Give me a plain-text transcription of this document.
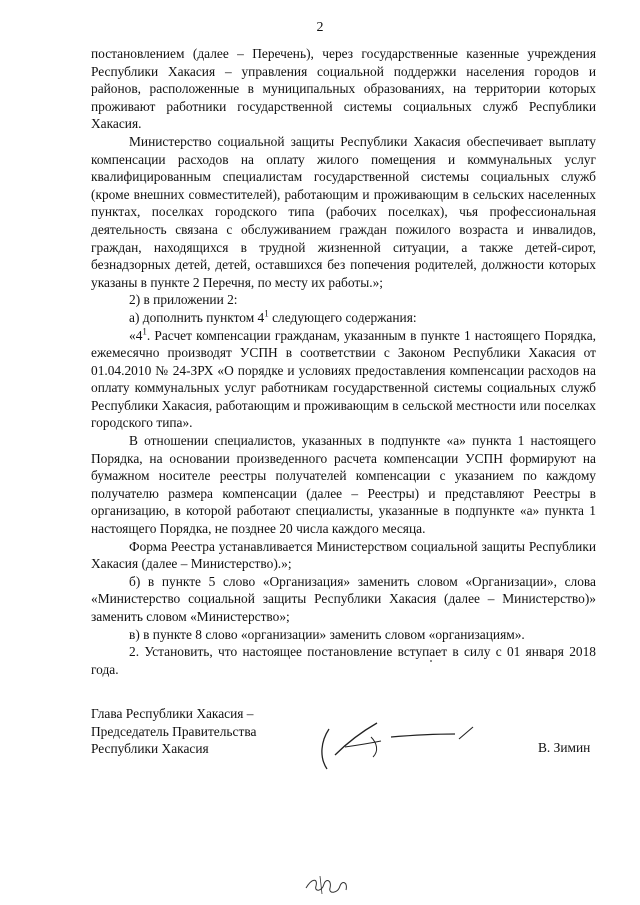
2

постановлением (далее – Перечень), через государственные казенные учреждения Республики Хакасия – управления социальной поддержки населения городов и районов, расположенные в муниципальных образованиях, на территории которых проживают работники государственной системы социальных служб Республики Хакасия.

Министерство социальной защиты Республики Хакасия обеспечивает выплату компенсации расходов на оплату жилого помещения и коммунальных услуг квалифицированным специалистам государственной системы социальных служб (кроме внешних совместителей), работающим и проживающим в сельских населенных пунктах, поселках городского типа (рабочих поселках), чья профессиональная деятельность связана с обслуживанием граждан пожилого возраста и инвалидов, граждан, находящихся в трудной жизненной ситуации, а также детей-сирот, безнадзорных детей, детей, оставшихся без попечения родителей, должности которых указаны в пункте 2 Перечня, по месту их работы.»;

2) в приложении 2:

а) дополнить пунктом $4^1$ следующего содержания:

«$4^1$. Расчет компенсации гражданам, указанным в пункте 1 настоящего Порядка, ежемесячно производят УСПН в соответствии с Законом Республики Хакасия от 01.04.2010 № 24-ЗРХ «О порядке и условиях предоставления компенсации расходов на оплату коммунальных услуг работникам государственной системы социальных служб Республики Хакасия, работающим и проживающим в сельской местности или поселках городского типа».

В отношении специалистов, указанных в подпункте «а» пункта 1 настоящего Порядка, на основании произведенного расчета компенсации УСПН формируют на бумажном носителе реестры получателей компенсации с указанием по каждому получателю размера компенсации (далее – Реестры) и представляют Реестры в организацию, в которой работают специалисты, указанные в подпункте «а» пункта 1 настоящего Порядка, не позднее 20 числа каждого месяца.

Форма Реестра устанавливается Министерством социальной защиты Республики Хакасия (далее – Министерство).»;

б) в пункте 5 слово «Организация» заменить словом «Организации», слова «Министерство социальной защиты Республики Хакасия (далее – Министерство)» заменить словом «Министерство»;

в) в пункте 8 слово «организации» заменить словом «организациям».

2. Установить, что настоящее постановление вступает в силу с 01 января 2018 года.

Глава Республики Хакасия –
Председатель Правительства
Республики Хакасия	В. Зимин
